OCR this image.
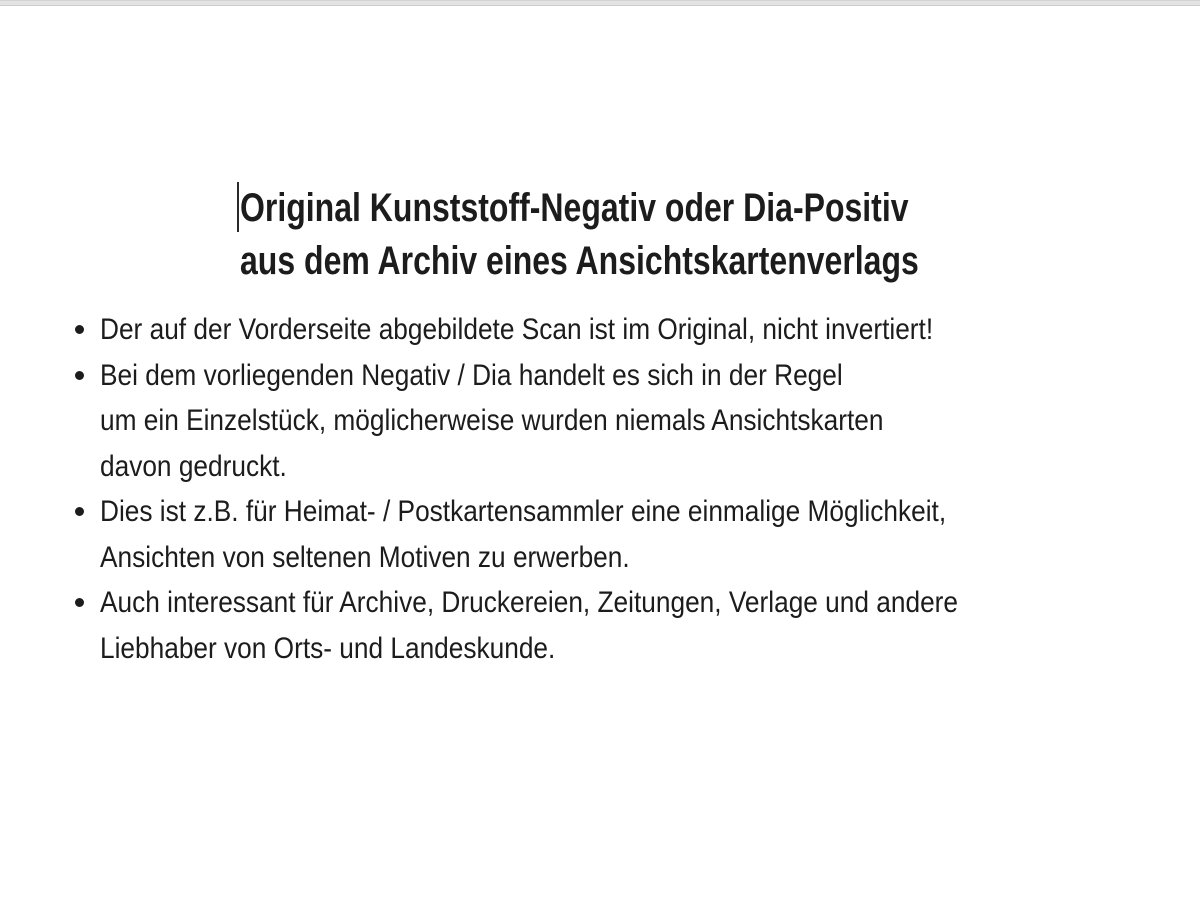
Original Kunststoff-Negativ oder Dia-Positiv
aus dem Archiv eines Ansichtskartenverlags
Der auf der Vorderseite abgebildete Scan ist im Original, nicht invertiert!
Bei dem vorliegenden Negativ / Dia handelt es sich in der Regel
um ein Einzelstück, möglicherweise wurden niemals Ansichtskarten
davon gedruckt.
Dies ist z.B. für Heimat- / Postkartensammler eine einmalige Möglichkeit,
Ansichten von seltenen Motiven zu erwerben.
Auch interessant für Archive, Druckereien, Zeitungen, Verlage und andere
Liebhaber von Orts- und Landeskunde.
